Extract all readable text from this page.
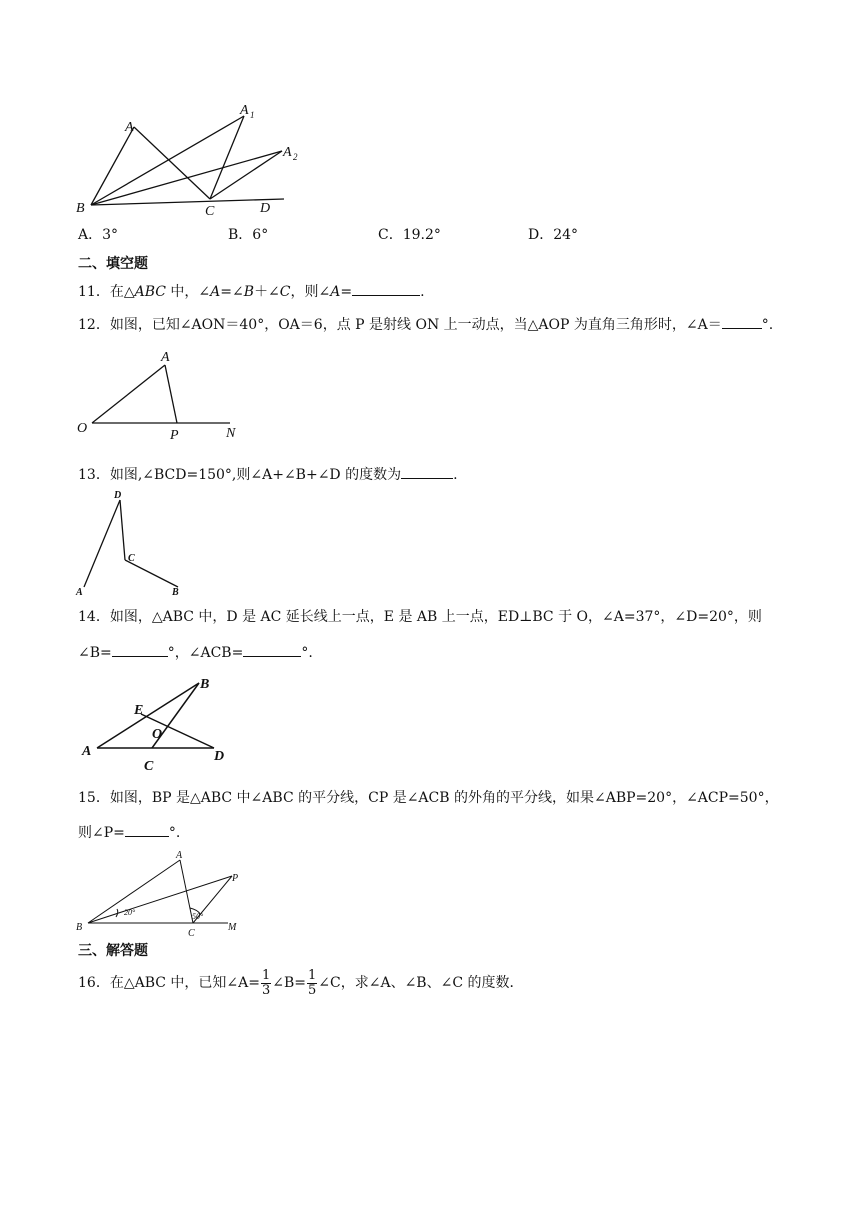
A
A 1
A 2
B	C	D
A．3°	B．6°	C．19.2°	D．24°
二、填空题
11．在△ABC 中，∠A=∠B＋∠C，则∠A=	.
12．如图，已知∠AON＝40°，OA＝6，点 P 是射线 ON 上一动点，当△AOP 为直角三角形时，∠A＝	°.
A
O	P	N
13．如图,∠BCD=150°,则∠A+∠B+∠D 的度数为	.
D
C
A	B
14．如图，△ABC 中，D 是 AC 延长线上一点，E 是 AB 上一点，ED⊥BC 于 O，∠A=37°，∠D=20°，则
∠B=	°，∠ACB=	°.
B
E
O
A
C
D
15．如图，BP 是△ABC 中∠ABC 的平分线，CP 是∠ACB 的外角的平分线，如果∠ABP=20°，∠ACP=50°，
则∠P=	°.
A
P
B
C
M
20°	50°
三、解答题
16．在△ABC 中，已知∠A= $\frac{1}{3}$ ∠B= $\frac{1}{5}$ ∠C，求∠A、∠B、∠C 的度数．
